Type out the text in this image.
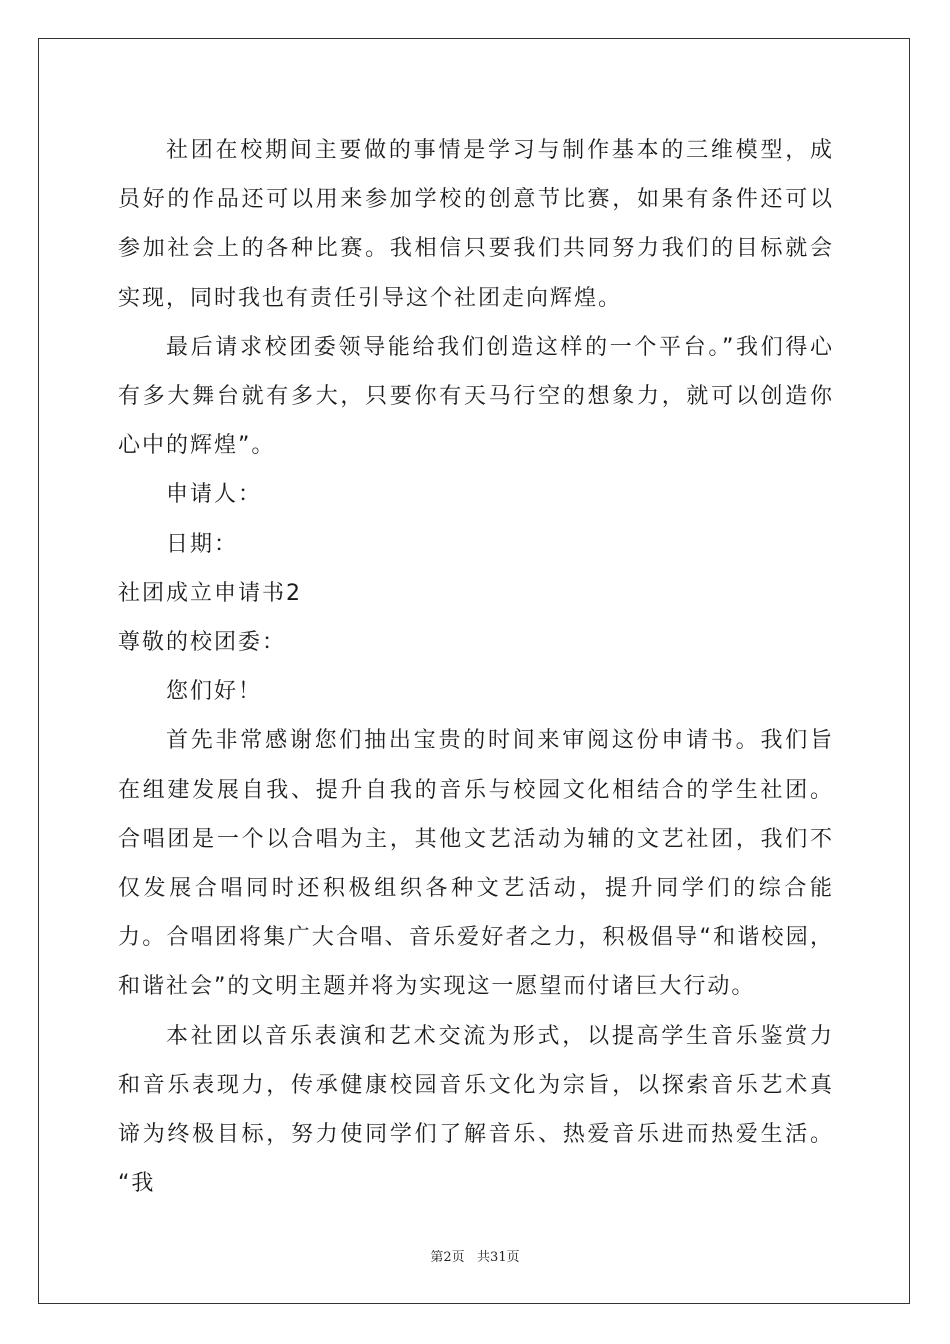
社团在校期间主要做的事情是学习与制作基本的三维模型，成员好的作品还可以用来参加学校的创意节比赛，如果有条件还可以参加社会上的各种比赛。我相信只要我们共同努力我们的目标就会实现，同时我也有责任引导这个社团走向辉煌。

最后请求校团委领导能给我们创造这样的一个平台。”我们得心有多大舞台就有多大，只要你有天马行空的想象力，就可以创造你心中的辉煌”。

申请人：

日期：

社团成立申请书2

尊敬的校团委：

您们好！

首先非常感谢您们抽出宝贵的时间来审阅这份申请书。我们旨在组建发展自我、提升自我的音乐与校园文化相结合的学生社团。合唱团是一个以合唱为主，其他文艺活动为辅的文艺社团，我们不仅发展合唱同时还积极组织各种文艺活动，提升同学们的综合能力。合唱团将集广大合唱、音乐爱好者之力，积极倡导“和谐校园，和谐社会”的文明主题并将为实现这一愿望而付诸巨大行动。

本社团以音乐表演和艺术交流为形式，以提高学生音乐鉴赏力和音乐表现力，传承健康校园音乐文化为宗旨，以探索音乐艺术真谛为终极目标，努力使同学们了解音乐、热爱音乐进而热爱生活。 “我

第2页   共31页
